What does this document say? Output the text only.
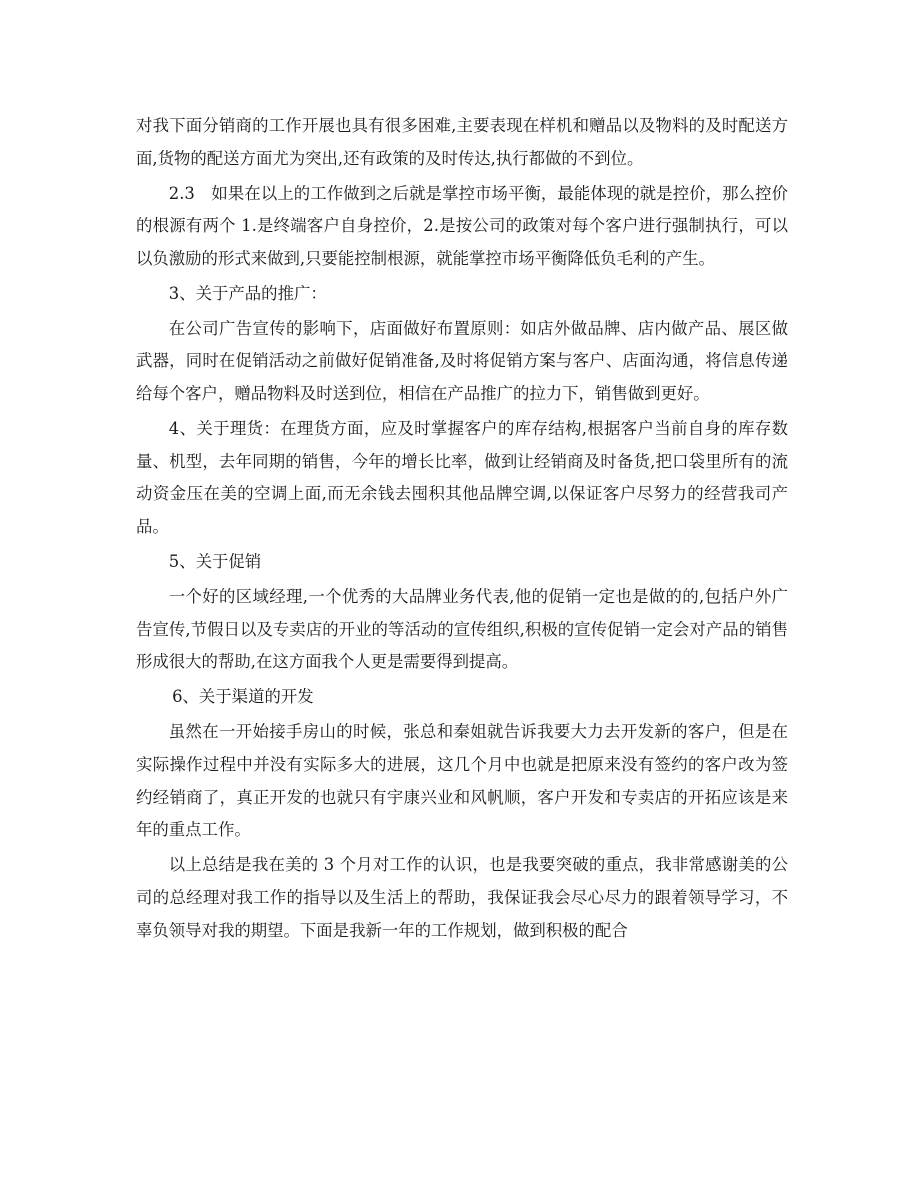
对我下面分销商的工作开展也具有很多困难,主要表现在样机和赠品以及物料的及时配送方面,货物的配送方面尤为突出,还有政策的及时传达,执行都做的不到位。

2.3　如果在以上的工作做到之后就是掌控市场平衡，最能体现的就是控价，那么控价的根源有两个 1.是终端客户自身控价，2.是按公司的政策对每个客户进行强制执行，可以以负激励的形式来做到,只要能控制根源，就能掌控市场平衡降低负毛利的产生。

3、关于产品的推广：

在公司广告宣传的影响下，店面做好布置原则：如店外做品牌、店内做产品、展区做武器，同时在促销活动之前做好促销准备,及时将促销方案与客户、店面沟通，将信息传递给每个客户，赠品物料及时送到位，相信在产品推广的拉力下，销售做到更好。

4、关于理货：在理货方面，应及时掌握客户的库存结构,根据客户当前自身的库存数量、机型，去年同期的销售，今年的增长比率，做到让经销商及时备货,把口袋里所有的流动资金压在美的空调上面,而无余钱去囤积其他品牌空调,以保证客户尽努力的经营我司产品。

5、关于促销

一个好的区域经理,一个优秀的大品牌业务代表,他的促销一定也是做的的,包括户外广告宣传,节假日以及专卖店的开业的等活动的宣传组织,积极的宣传促销一定会对产品的销售形成很大的帮助,在这方面我个人更是需要得到提高。

6、关于渠道的开发

虽然在一开始接手房山的时候，张总和秦姐就告诉我要大力去开发新的客户，但是在实际操作过程中并没有实际多大的进展，这几个月中也就是把原来没有签约的客户改为签约经销商了，真正开发的也就只有宇康兴业和风帆顺，客户开发和专卖店的开拓应该是来年的重点工作。

以上总结是我在美的 3 个月对工作的认识，也是我要突破的重点，我非常感谢美的公司的总经理对我工作的指导以及生活上的帮助，我保证我会尽心尽力的跟着领导学习，不辜负领导对我的期望。下面是我新一年的工作规划，做到积极的配合
